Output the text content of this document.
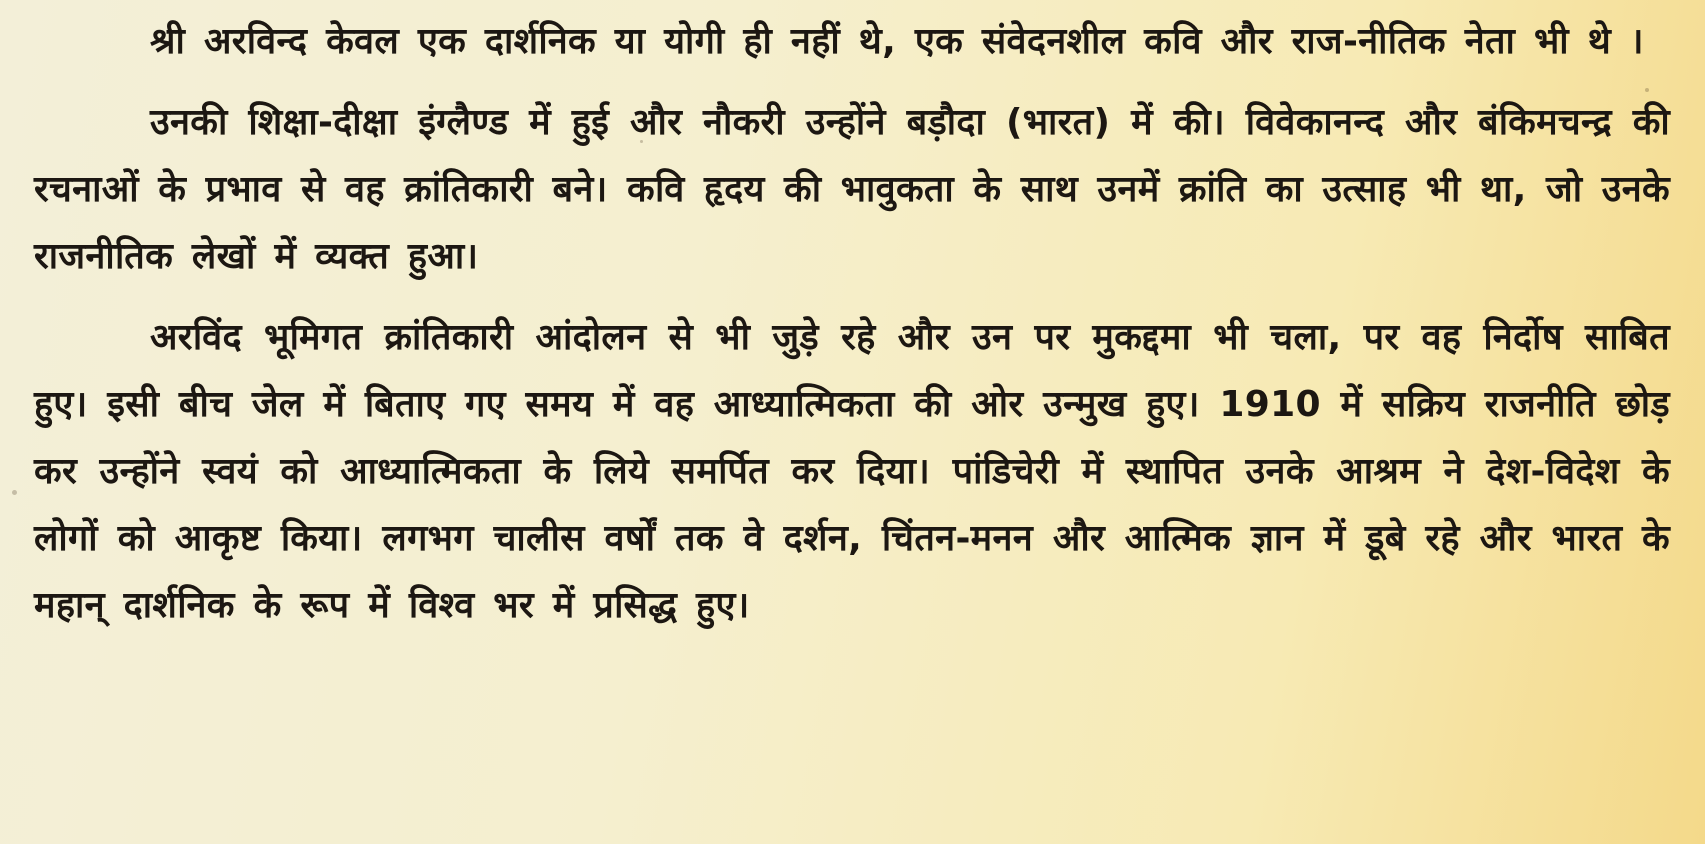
श्री अरविन्द केवल एक दार्शनिक या योगी ही नहीं थे, एक संवेदनशील कवि और राज-नीतिक नेता भी थे ।

उनकी शिक्षा-दीक्षा इंग्लैण्ड में हुई और नौकरी उन्होंने बड़ौदा (भारत) में की। विवेकानन्द और बंकिमचन्द्र की रचनाओं के प्रभाव से वह क्रांतिकारी बने। कवि हृदय की भावुकता के साथ उनमें क्रांति का उत्साह भी था, जो उनके राजनीतिक लेखों में व्यक्त हुआ।

अरविंद भूमिगत क्रांतिकारी आंदोलन से भी जुड़े रहे और उन पर मुकद्दमा भी चला, पर वह निर्दोष साबित हुए। इसी बीच जेल में बिताए गए समय में वह आध्यात्मिकता की ओर उन्मुख हुए। 1910 में सक्रिय राजनीति छोड़ कर उन्होंने स्वयं को आध्यात्मिकता के लिये समर्पित कर दिया। पांडिचेरी में स्थापित उनके आश्रम ने देश-विदेश के लोगों को आकृष्ट किया। लगभग चालीस वर्षों तक वे दर्शन, चिंतन-मनन और आत्मिक ज्ञान में डूबे रहे और भारत के महान् दार्शनिक के रूप में विश्व भर में प्रसिद्ध हुए।
